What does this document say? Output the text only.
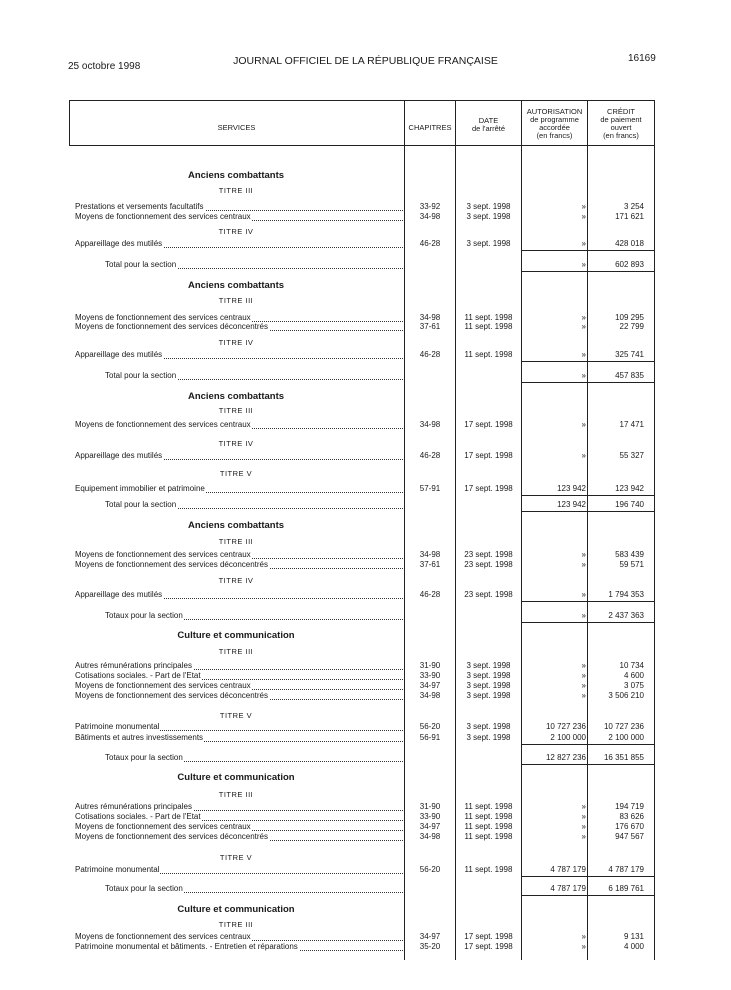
25 octobre 1998	JOURNAL OFFICIEL DE LA RÉPUBLIQUE FRANÇAISE	16169
SERVICES	CHAPITRES
DATE
de l'arrêté
AUTORISATION
de programme
accordée
(en francs)
CRÉDIT
de paiement
ouvert
(en francs)
Anciens combattants
TITRE III
Prestations et versements facultatifs	33-92	3 sept. 1998	»	3 254
Moyens de fonctionnement des services centraux	34-98	3 sept. 1998	»	171 621
TITRE IV
Appareillage des mutilés	46-28	3 sept. 1998	»	428 018
Total pour la section	»	602 893
Anciens combattants
TITRE III
Moyens de fonctionnement des services centraux	34-98	11 sept. 1998	»	109 295
Moyens de fonctionnement des services déconcentrés	37-61	11 sept. 1998	»	22 799
TITRE IV
Appareillage des mutilés	46-28	11 sept. 1998	»	325 741
Total pour la section	»	457 835
Anciens combattants
TITRE III
Moyens de fonctionnement des services centraux	34-98	17 sept. 1998	»	17 471
TITRE IV
Appareillage des mutilés	46-28	17 sept. 1998	»	55 327
TITRE V
Equipement immobilier et patrimoine	57-91	17 sept. 1998	123 942	123 942
Total pour la section	123 942	196 740
Anciens combattants
TITRE III
Moyens de fonctionnement des services centraux	34-98	23 sept. 1998	»	583 439
Moyens de fonctionnement des services déconcentrés	37-61	23 sept. 1998	»	59 571
TITRE IV
Appareillage des mutilés	46-28	23 sept. 1998	»	1 794 353
Totaux pour la section	»	2 437 363
Culture et communication
TITRE III
Autres rémunérations principales	31-90	3 sept. 1998	»	10 734
Cotisations sociales. - Part de l'Etat	33-90	3 sept. 1998	»	4 600
Moyens de fonctionnement des services centraux	34-97	3 sept. 1998	»	3 075
Moyens de fonctionnement des services déconcentrés	34-98	3 sept. 1998	»	3 506 210
TITRE V
Patrimoine monumental	56-20	3 sept. 1998	10 727 236	10 727 236
Bâtiments et autres investissements	56-91	3 sept. 1998	2 100 000	2 100 000
Totaux pour la section	12 827 236	16 351 855
Culture et communication
TITRE III
Autres rémunérations principales	31-90	11 sept. 1998	»	194 719
Cotisations sociales. - Part de l'Etat	33-90	11 sept. 1998	»	83 626
Moyens de fonctionnement des services centraux	34-97	11 sept. 1998	»	176 670
Moyens de fonctionnement des services déconcentrés	34-98	11 sept. 1998	»	947 567
TITRE V
Patrimoine monumental	56-20	11 sept. 1998	4 787 179	4 787 179
Totaux pour la section	4 787 179	6 189 761
Culture et communication
TITRE III
Moyens de fonctionnement des services centraux	34-97	17 sept. 1998	»	9 131
Patrimoine monumental et bâtiments. - Entretien et réparations	35-20	17 sept. 1998	»	4 000
